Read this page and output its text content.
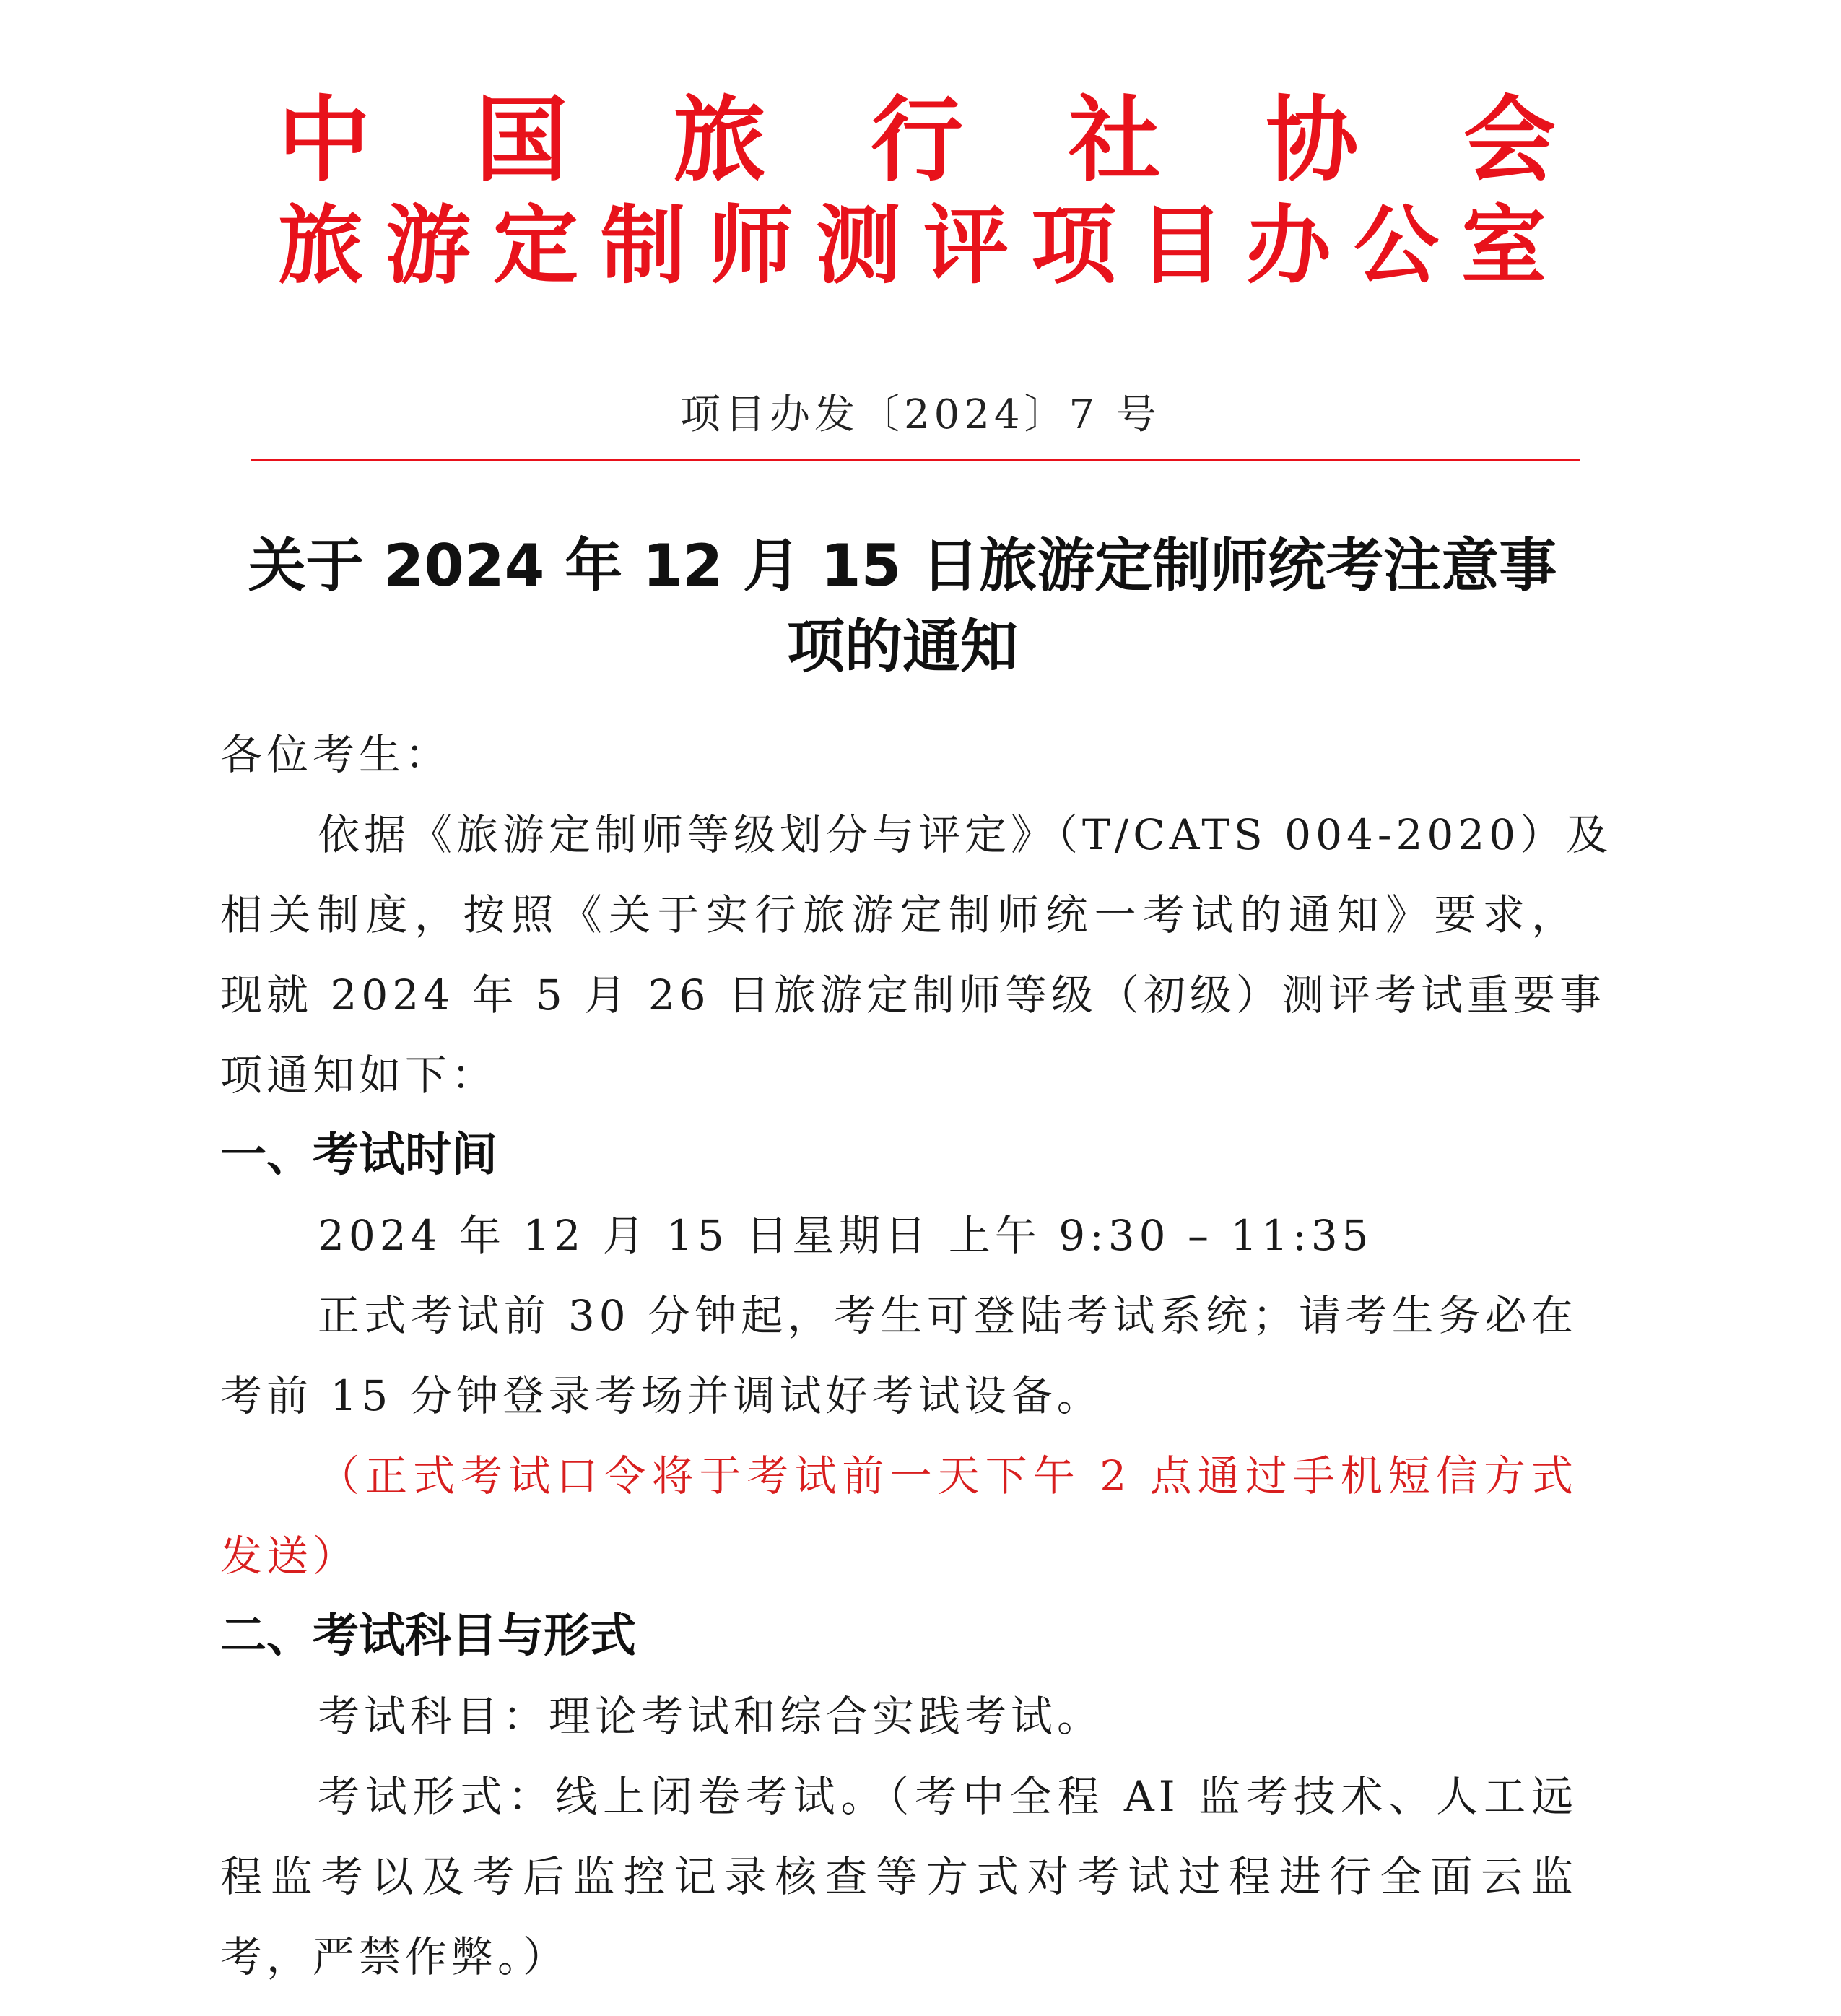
中 国 旅 行 社 协 会
旅游定制师测评项目办公室
项目办发〔2024〕7 号
关于 2024 年 12 月 15 日旅游定制师统考注意事
项的通知
各位考生：
依据《旅游定制师等级划分与评定》（T/CATS 004-2020）及
相关制度，按照《关于实行旅游定制师统一考试的通知》要求，
现就 2024 年 5 月 26 日旅游定制师等级（初级）测评考试重要事
项通知如下：
一、考试时间
2024 年 12 月 15 日星期日 上午 9:30 – 11:35
正式考试前 30 分钟起，考生可登陆考试系统；请考生务必在
考前 15 分钟登录考场并调试好考试设备。
（正式考试口令将于考试前一天下午 2 点通过手机短信方式
发送）
二、考试科目与形式
考试科目：理论考试和综合实践考试。
考试形式：线上闭卷考试。（考中全程 AI 监考技术、人工远
程监考以及考后监控记录核查等方式对考试过程进行全面云监
考，严禁作弊。）
